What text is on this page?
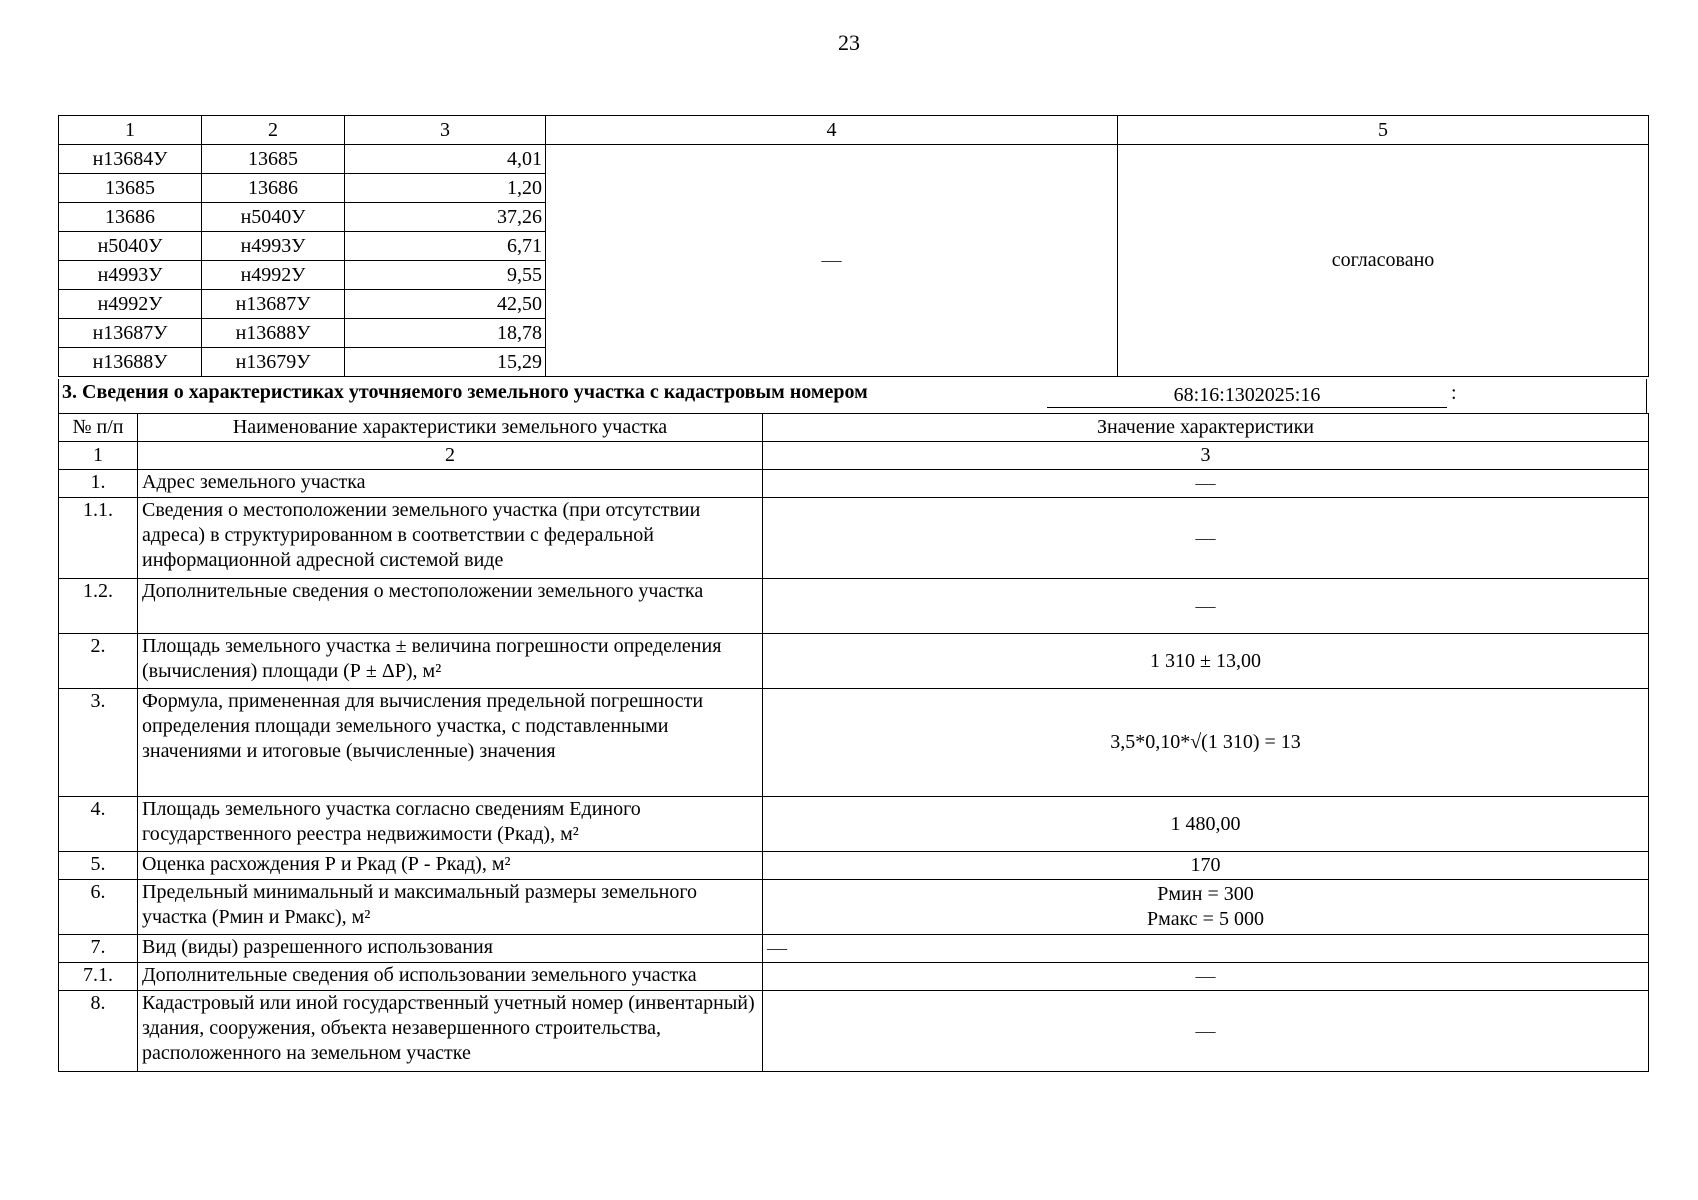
23
1	2	3	4	5
н13684У	13685	4,01	—	согласовано
13685	13686	1,20		
13686	н5040У	37,26		
н5040У	н4993У	6,71		
н4993У	н4992У	9,55		
н4992У	н13687У	42,50		
н13687У	н13688У	18,78		
н13688У	н13679У	15,29		
3. Сведения о характеристиках уточняемого земельного участка с кадастровым номером	68:16:1302025:16	:
№ п/п	Наименование характеристики земельного участка	Значение характеристики
1	2	3
1.	Адрес земельного участка	—
1.1.	Сведения о местоположении земельного участка (при отсутствии адреса) в структурированном в соответствии с федеральной информационной адресной системой виде	—
1.2.	Дополнительные сведения о местоположении земельного участка	—
2.	Площадь земельного участка ± величина погрешности определения (вычисления) площади (Р ± ΔР), м²	1 310 ± 13,00
3.	Формула, примененная для вычисления предельной погрешности определения площади земельного участка, с подставленными значениями и итоговые (вычисленные) значения	3,5*0,10*√(1 310) = 13
4.	Площадь земельного участка согласно сведениям Единого государственного реестра недвижимости (Ркад), м²	1 480,00
5.	Оценка расхождения Р и Ркад (Р - Ркад), м²	170
6.	Предельный минимальный и максимальный размеры земельного участка (Рмин и Рмакс), м²	Рмин = 300
Рмакс = 5 000

7.	Вид (виды) разрешенного использования	—
7.1.	Дополнительные сведения об использовании земельного участка	—
8.	Кадастровый или иной государственный учетный номер (инвентарный) здания, сооружения, объекта незавершенного строительства, расположенного на земельном участке	—
